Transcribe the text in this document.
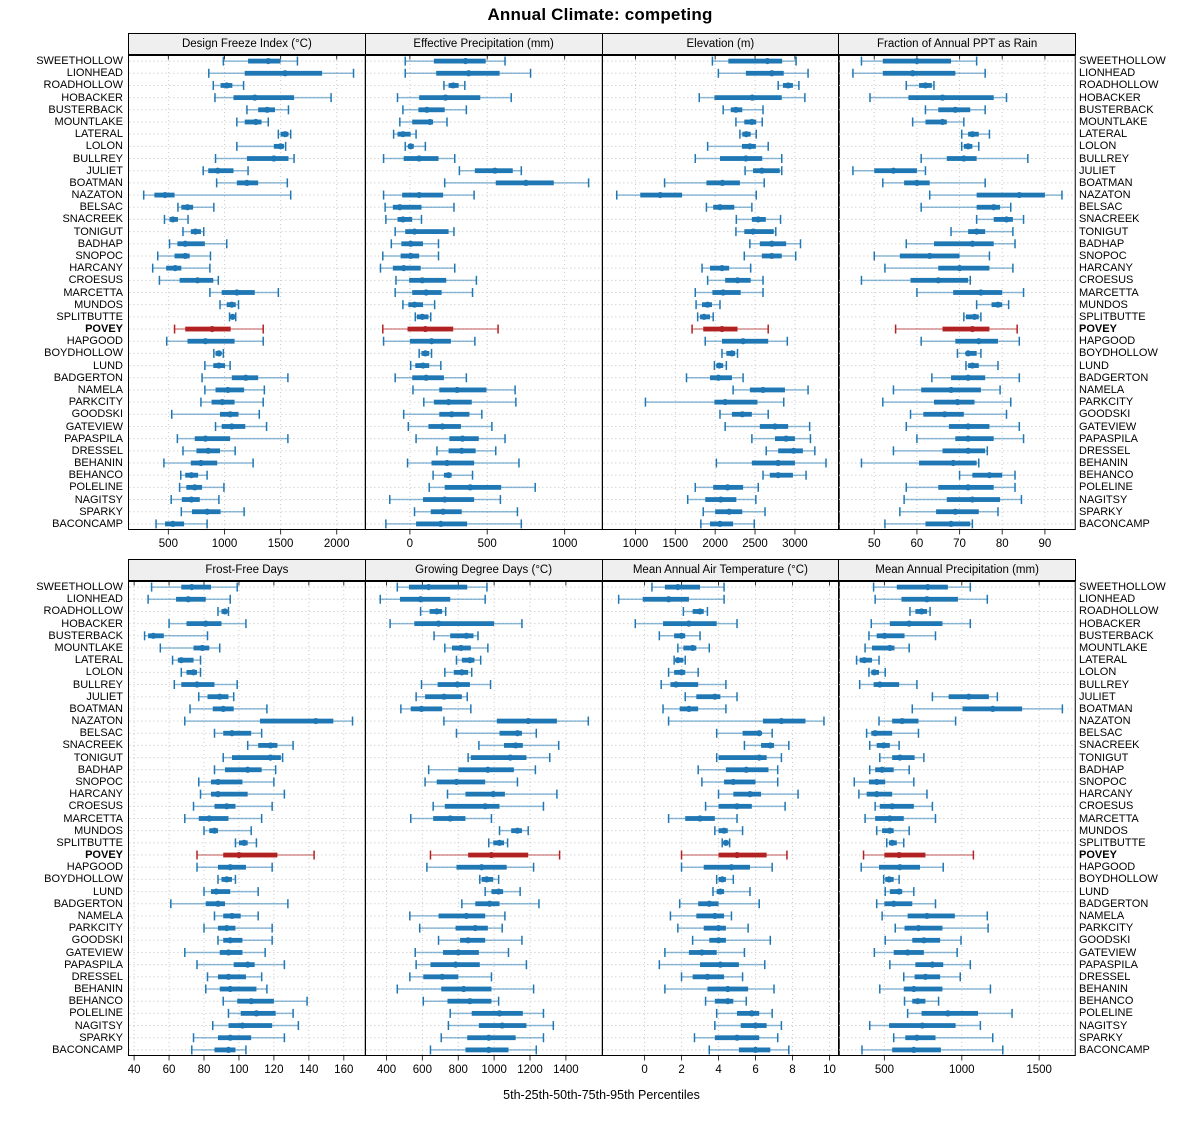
Annual Climate: competing
SWEETHOLLOW	SWEETHOLLOW
LIONHEAD	LIONHEAD
ROADHOLLOW	ROADHOLLOW
HOBACKER	HOBACKER
BUSTERBACK	BUSTERBACK
MOUNTLAKE	MOUNTLAKE
LATERAL	LATERAL
LOLON	LOLON
BULLREY	BULLREY
JULIET	JULIET
BOATMAN	BOATMAN
NAZATON	NAZATON
BELSAC	BELSAC
SNACREEK	SNACREEK
TONIGUT	TONIGUT
BADHAP	BADHAP
SNOPOC	SNOPOC
HARCANY	HARCANY
CROESUS	CROESUS
MARCETTA	MARCETTA
MUNDOS	MUNDOS
SPLITBUTTE	SPLITBUTTE
POVEY	POVEY
HAPGOOD	HAPGOOD
BOYDHOLLOW	BOYDHOLLOW
LUND	LUND
BADGERTON	BADGERTON
NAMELA	NAMELA
PARKCITY	PARKCITY
GOODSKI	GOODSKI
GATEVIEW	GATEVIEW
PAPASPILA	PAPASPILA
DRESSEL	DRESSEL
BEHANIN	BEHANIN
BEHANCO	BEHANCO
POLELINE	POLELINE
NAGITSY	NAGITSY
SPARKY	SPARKY
BACONCAMP	BACONCAMP
Design Freeze Index (°C)
500	1000	1500	2000
Effective Precipitation (mm)
0	500	1000
Elevation (m)
1000 1500 2000 2500 3000
Fraction of Annual PPT as Rain
50	60	70	80	90
SWEETHOLLOW	SWEETHOLLOW
LIONHEAD	LIONHEAD
ROADHOLLOW	ROADHOLLOW
HOBACKER	HOBACKER
BUSTERBACK	BUSTERBACK
MOUNTLAKE	MOUNTLAKE
LATERAL	LATERAL
LOLON	LOLON
BULLREY	BULLREY
JULIET	JULIET
BOATMAN	BOATMAN
NAZATON	NAZATON
BELSAC	BELSAC
SNACREEK	SNACREEK
TONIGUT	TONIGUT
BADHAP	BADHAP
SNOPOC	SNOPOC
HARCANY	HARCANY
CROESUS	CROESUS
MARCETTA	MARCETTA
MUNDOS	MUNDOS
SPLITBUTTE	SPLITBUTTE
POVEY	POVEY
HAPGOOD	HAPGOOD
BOYDHOLLOW	BOYDHOLLOW
LUND	LUND
BADGERTON	BADGERTON
NAMELA	NAMELA
PARKCITY	PARKCITY
GOODSKI	GOODSKI
GATEVIEW	GATEVIEW
PAPASPILA	PAPASPILA
DRESSEL	DRESSEL
BEHANIN	BEHANIN
BEHANCO	BEHANCO
POLELINE	POLELINE
NAGITSY	NAGITSY
SPARKY	SPARKY
BACONCAMP	BACONCAMP
Frost-Free Days
40 60 80 100 120 140 160
Growing Degree Days (°C)
400 600 800 1000 1200 1400
Mean Annual Air Temperature (°C)
0	2	4	6	8 10
Mean Annual Precipitation (mm)
500	1000	1500
5th-25th-50th-75th-95th Percentiles
